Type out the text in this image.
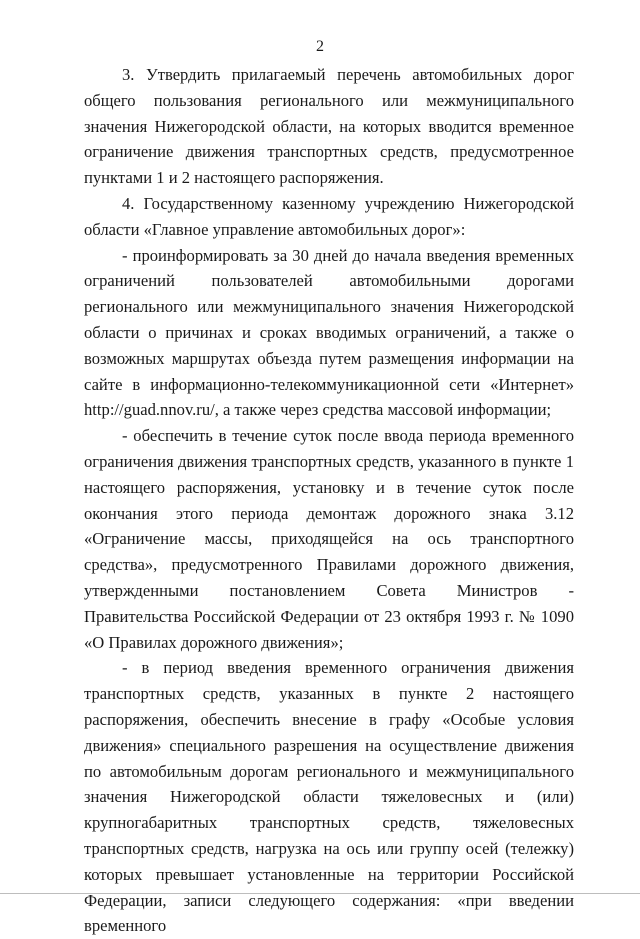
2

3. Утвердить прилагаемый перечень автомобильных дорог общего пользования регионального или межмуниципального значения Нижегородской области, на которых вводится временное ограничение движения транспортных средств, предусмотренное пунктами 1 и 2 настоящего распоряжения.

4. Государственному казенному учреждению Нижегородской области «Главное управление автомобильных дорог»:

- проинформировать за 30 дней до начала введения временных ограничений пользователей автомобильными дорогами регионального или межмуниципального значения Нижегородской области о причинах и сроках вводимых ограничений, а также о возможных маршрутах объезда путем размещения информации на сайте в информационно-телекоммуникационной сети «Интернет» http://guad.nnov.ru/, а также через средства массовой информации;

- обеспечить в течение суток после ввода периода временного ограничения движения транспортных средств, указанного в пункте 1 настоящего распоряжения, установку и в течение суток после окончания этого периода демонтаж дорожного знака 3.12 «Ограничение массы, приходящейся на ось транспортного средства», предусмотренного Правилами дорожного движения, утвержденными постановлением Совета Министров - Правительства Российской Федерации от 23 октября 1993 г. № 1090 «О Правилах дорожного движения»;

- в период введения временного ограничения движения транспортных средств, указанных в пункте 2 настоящего распоряжения, обеспечить внесение в графу «Особые условия движения» специального разрешения на осуществление движения по автомобильным дорогам регионального и межмуниципального значения Нижегородской области тяжеловесных и (или) крупногабаритных транспортных средств, тяжеловесных транспортных средств, нагрузка на ось или группу осей (тележку) которых превышает установленные на территории Российской Федерации, записи следующего содержания: «при введении временного
